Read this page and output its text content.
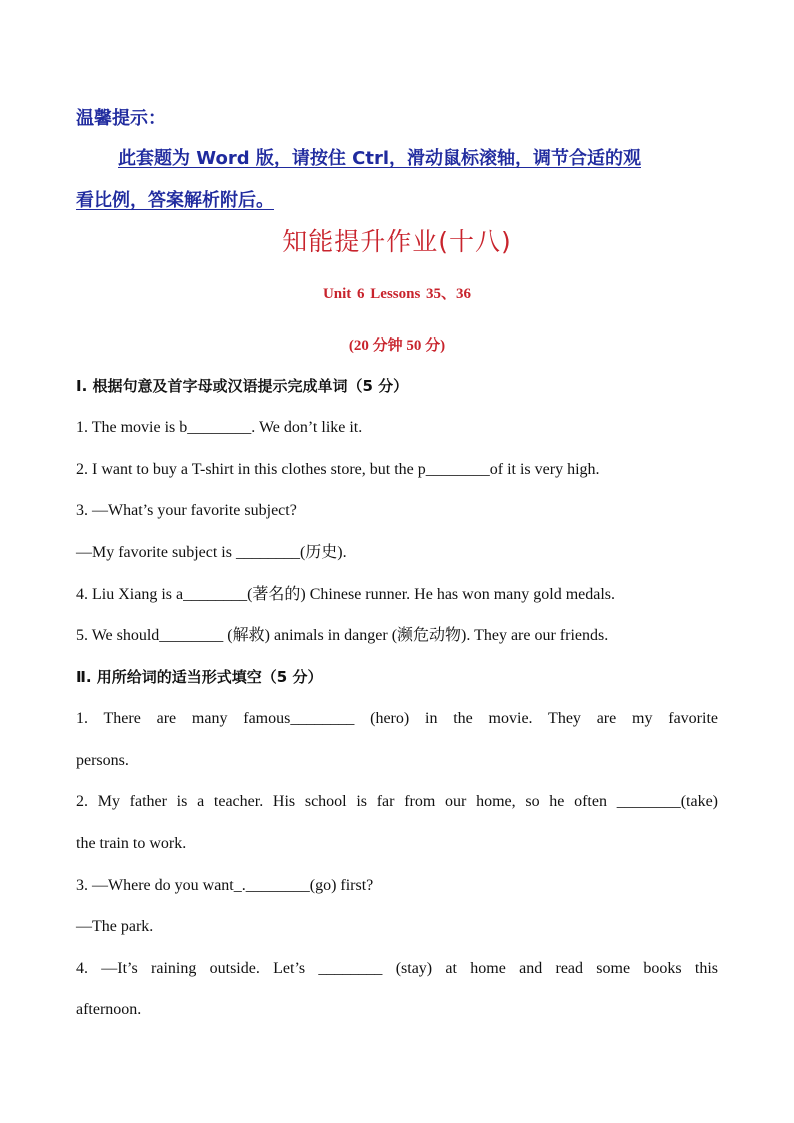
温馨提示：
此套题为 Word 版，请按住 Ctrl，滑动鼠标滚轴，调节合适的观
看比例，答案解析附后。
知能提升作业(十八)
Unit 6 Lessons 35、36
(20 分钟 50 分)
Ⅰ. 根据句意及首字母或汉语提示完成单词（5 分）
1. The movie is b________. We don’t like it.
2. I want to buy a T-shirt in this clothes store, but the p________of it is very high.
3. —What’s your favorite subject?
—My favorite subject is ________(历史).
4. Liu Xiang is a________(著名的) Chinese runner. He has won many gold medals.
5. We should________ (解救) animals in danger (濒危动物). They are our friends.
Ⅱ. 用所给词的适当形式填空（5 分）
1. There are many famous________ (hero) in the movie. They are my favorite
persons.
2. My father is a teacher. His school is far from our home, so he often ________(take)
the train to work.
3. —Where do you want_.________(go) first?
—The park.
4. —It’s raining outside. Let’s ________ (stay) at home and read some books this
afternoon.
